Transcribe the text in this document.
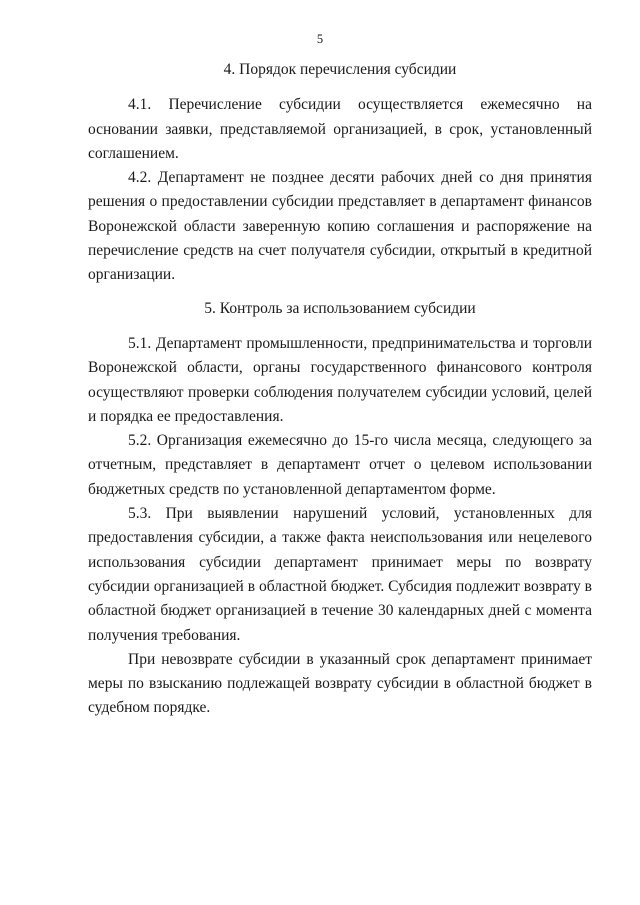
5

4. Порядок перечисления субсидии

4.1. Перечисление субсидии осуществляется ежемесячно на основании заявки, представляемой организацией, в срок, установленный соглашением.

4.2. Департамент не позднее десяти рабочих дней со дня принятия решения о предоставлении субсидии представляет в департамент финансов Воронежской области заверенную копию соглашения и распоряжение на перечисление средств на счет получателя субсидии, открытый в кредитной организации.

5. Контроль за использованием субсидии

5.1. Департамент промышленности, предпринимательства и торговли Воронежской области, органы государственного финансового контроля осуществляют проверки соблюдения получателем субсидии условий, целей и порядка ее предоставления.

5.2. Организация ежемесячно до 15-го числа месяца, следующего за отчетным, представляет в департамент отчет о целевом использовании бюджетных средств по установленной департаментом форме.

5.3. При выявлении нарушений условий, установленных для предоставления субсидии, а также факта неиспользования или нецелевого использования субсидии департамент принимает меры по возврату субсидии организацией в областной бюджет. Субсидия подлежит возврату в областной бюджет организацией в течение 30 календарных дней с момента получения требования.

При невозврате субсидии в указанный срок департамент принимает меры по взысканию подлежащей возврату субсидии в областной бюджет в судебном порядке.
